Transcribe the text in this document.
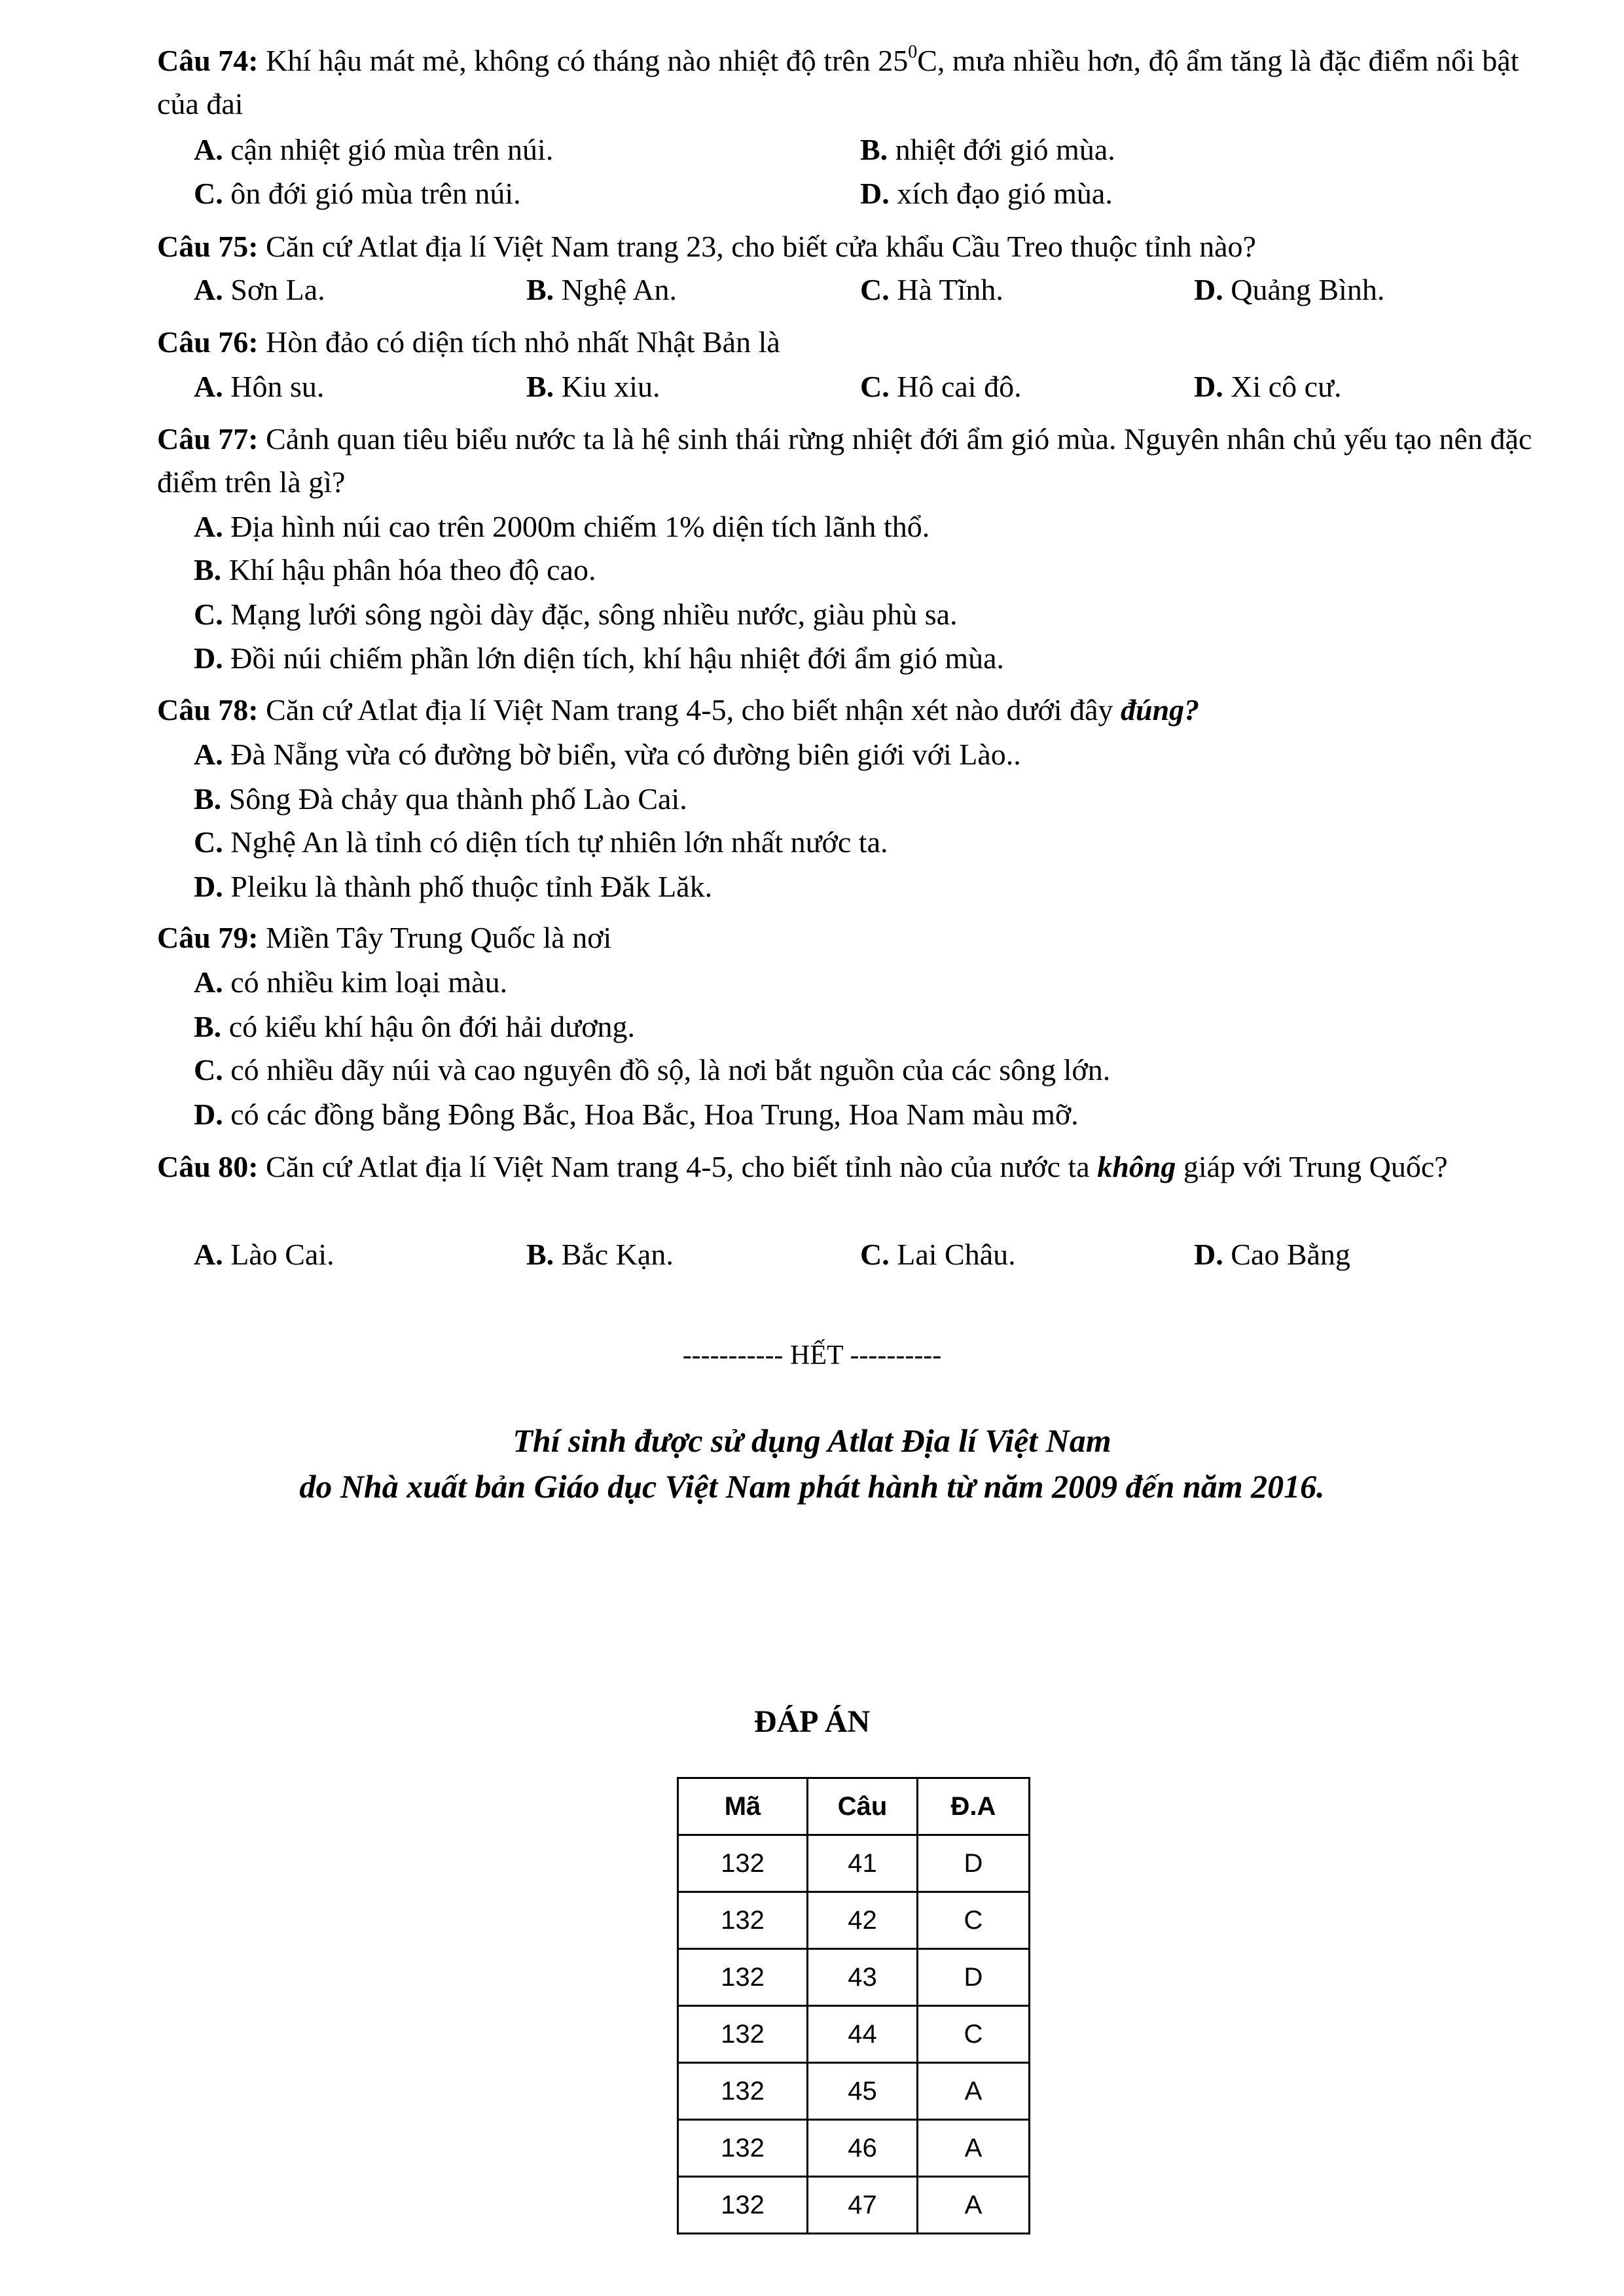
Câu 74: Khí hậu mát mẻ, không có tháng nào nhiệt độ trên $25^0C$, mưa nhiều hơn, độ ẩm tăng là đặc điểm nổi bật của đai
A. cận nhiệt gió mùa trên núi.	B. nhiệt đới gió mùa.
C. ôn đới gió mùa trên núi.	D. xích đạo gió mùa.
Câu 75: Căn cứ Atlat địa lí Việt Nam trang 23, cho biết cửa khẩu Cầu Treo thuộc tỉnh nào?
A. Sơn La.	B. Nghệ An.	C. Hà Tĩnh.	D. Quảng Bình.
Câu 76: Hòn đảo có diện tích nhỏ nhất Nhật Bản là
A. Hôn su.	B. Kiu xiu.	C. Hô cai đô.	D. Xi cô cư.
Câu 77: Cảnh quan tiêu biểu nước ta là hệ sinh thái rừng nhiệt đới ẩm gió mùa. Nguyên nhân chủ yếu tạo nên đặc điểm trên là gì?
A. Địa hình núi cao trên 2000m chiếm 1% diện tích lãnh thổ.
B. Khí hậu phân hóa theo độ cao.
C. Mạng lưới sông ngòi dày đặc, sông nhiều nước, giàu phù sa.
D. Đồi núi chiếm phần lớn diện tích, khí hậu nhiệt đới ẩm gió mùa.
Câu 78: Căn cứ Atlat địa lí Việt Nam trang 4-5, cho biết nhận xét nào dưới đây đúng?
A. Đà Nẵng vừa có đường bờ biển, vừa có đường biên giới với Lào..
B. Sông Đà chảy qua thành phố Lào Cai.
C. Nghệ An là tỉnh có diện tích tự nhiên lớn nhất nước ta.
D. Pleiku là thành phố thuộc tỉnh Đăk Lăk.
Câu 79: Miền Tây Trung Quốc là nơi
A. có nhiều kim loại màu.
B. có kiểu khí hậu ôn đới hải dương.
C. có nhiều dãy núi và cao nguyên đồ sộ, là nơi bắt nguồn của các sông lớn.
D. có các đồng bằng Đông Bắc, Hoa Bắc, Hoa Trung, Hoa Nam màu mỡ.
Câu 80: Căn cứ Atlat địa lí Việt Nam trang 4-5, cho biết tỉnh nào của nước ta không giáp với Trung Quốc?
A. Lào Cai.	B. Bắc Kạn.	C. Lai Châu.	D. Cao Bằng
----------- HẾT ----------
Thí sinh được sử dụng Atlat Địa lí Việt Nam
do Nhà xuất bản Giáo dục Việt Nam phát hành từ năm 2009 đến năm 2016.
ĐÁP ÁN
Mã	Câu	Đ.A
132	41	D
132	42	C
132	43	D
132	44	C
132	45	A
132	46	A
132	47	A
